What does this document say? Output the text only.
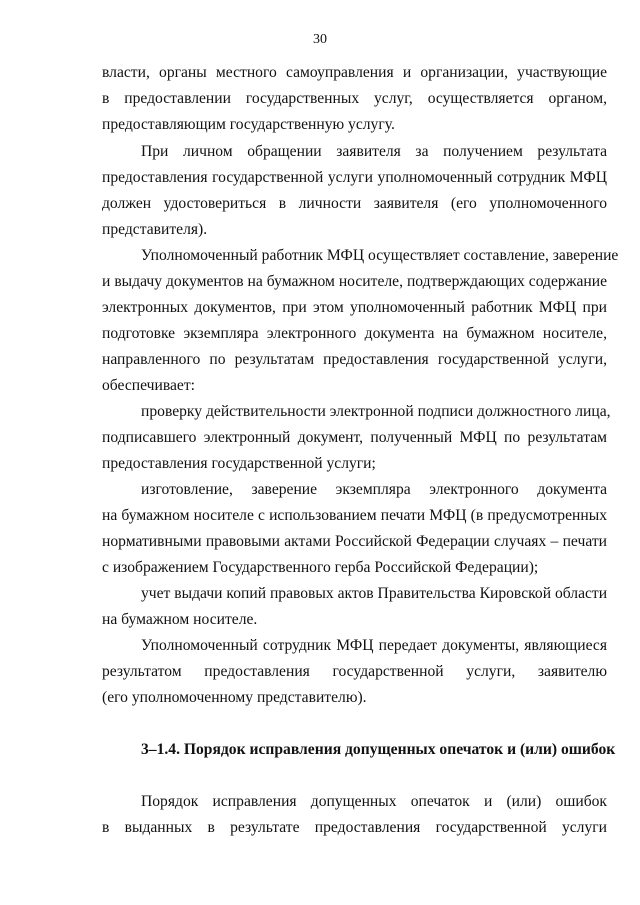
30

власти, органы местного самоуправления и организации, участвующие

в предоставлении государственных услуг, осуществляется органом,

предоставляющим государственную услугу.

При личном обращении заявителя за получением результата

предоставления государственной услуги уполномоченный сотрудник МФЦ

должен удостовериться в личности заявителя (его уполномоченного

представителя).

Уполномоченный работник МФЦ осуществляет составление, заверение

и выдачу документов на бумажном носителе, подтверждающих содержание

электронных документов, при этом уполномоченный работник МФЦ при

подготовке экземпляра электронного документа на бумажном носителе,

направленного по результатам предоставления государственной услуги,

обеспечивает:

проверку действительности электронной подписи должностного лица,

подписавшего электронный документ, полученный МФЦ по результатам

предоставления государственной услуги;

изготовление, заверение экземпляра электронного документа

на бумажном носителе с использованием печати МФЦ (в предусмотренных

нормативными правовыми актами Российской Федерации случаях – печати

с изображением Государственного герба Российской Федерации);

учет выдачи копий правовых актов Правительства Кировской области

на бумажном носителе.

Уполномоченный сотрудник МФЦ передает документы, являющиеся

результатом предоставления государственной услуги, заявителю

(его уполномоченному представителю).

3–1.4. Порядок исправления допущенных опечаток и (или) ошибок

Порядок исправления допущенных опечаток и (или) ошибок

в выданных в результате предоставления государственной услуги
